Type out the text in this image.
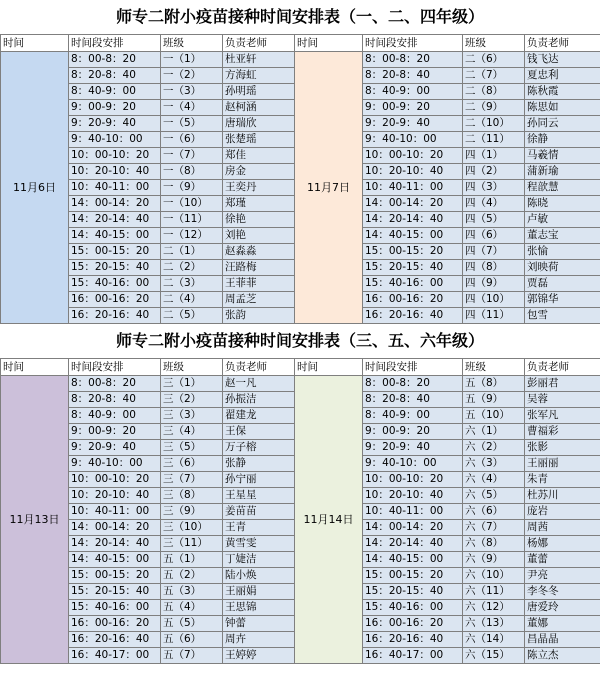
师专二附小疫苗接种时间安排表（一、二、四年级）
时间	时间段安排	班级	负责老师	时间	时间段安排	班级	负责老师
11月6日	8：00-8：20	一（1）	杜亚轩	11月7日	8：00-8：20	二（6）	钱飞达
	8：20-8：40	一（2）	方海虹		8：20-8：40	二（7）	夏忠利
	8：40-9：00	一（3）	孙明瑶		8：40-9：00	二（8）	陈秋霞
	9：00-9：20	一（4）	赵柯涵		9：00-9：20	二（9）	陈思如
	9：20-9：40	一（5）	唐瑞欣		9：20-9：40	二（10）	孙同云
	9：40-10：00	一（6）	张楚瑶		9：40-10：00	二（11）	徐静
	10：00-10：20	一（7）	郑佳		10：00-10：20	四（1）	马羲情
	10：20-10：40	一（8）	房金		10：20-10：40	四（2）	蒲新瑜
	10：40-11：00	一（9）	王奕丹		10：40-11：00	四（3）	程歆慧
	14：00-14：20	一（10）	郑瑾		14：00-14：20	四（4）	陈晓
	14：20-14：40	一（11）	徐艳		14：20-14：40	四（5）	卢敏
	14：40-15：00	一（12）	刘艳		14：40-15：00	四（6）	董志宝
	15：00-15：20	二（1）	赵淼淼		15：00-15：20	四（7）	张愉
	15：20-15：40	二（2）	汪路梅		15：20-15：40	四（8）	刘映荷
	15：40-16：00	二（3）	王菲菲		15：40-16：00	四（9）	贾磊
	16：00-16：20	二（4）	周孟芝		16：00-16：20	四（10）	郭锦华
	16：20-16：40	二（5）	张韵		16：20-16：40	四（11）	包雪
师专二附小疫苗接种时间安排表（三、五、六年级）
时间	时间段安排	班级	负责老师	时间	时间段安排	班级	负责老师
11月13日	8：00-8：20	三（1）	赵一凡	11月14日	8：00-8：20	五（8）	彭丽君
	8：20-8：40	三（2）	孙振洁		8：20-8：40	五（9）	吴蓉
	8：40-9：00	三（3）	翟建龙		8：40-9：00	五（10）	张军凡
	9：00-9：20	三（4）	王保		9：00-9：20	六（1）	曹福彩
	9：20-9：40	三（5）	万子榕		9：20-9：40	六（2）	张影
	9：40-10：00	三（6）	张静		9：40-10：00	六（3）	王丽丽
	10：00-10：20	三（7）	孙宁丽		10：00-10：20	六（4）	朱青
	10：20-10：40	三（8）	王星星		10：20-10：40	六（5）	杜苏川
	10：40-11：00	三（9）	姜苗苗		10：40-11：00	六（6）	庞岩
	14：00-14：20	三（10）	王青		14：00-14：20	六（7）	周茜
	14：20-14：40	三（11）	黄雪雯		14：20-14：40	六（8）	杨娜
	14：40-15：00	五（1）	丁婕洁		14：40-15：00	六（9）	董蕾
	15：00-15：20	五（2）	陆小焕		15：00-15：20	六（10）	尹亮
	15：20-15：40	五（3）	王丽娟		15：20-15：40	六（11）	李冬冬
	15：40-16：00	五（4）	王思锦		15：40-16：00	六（12）	唐爱玲
	16：00-16：20	五（5）	钟蕾		16：00-16：20	六（13）	董娜
	16：20-16：40	五（6）	周卉		16：20-16：40	六（14）	昌晶晶
	16：40-17：00	五（7）	王婷婷		16：40-17：00	六（15）	陈立杰
